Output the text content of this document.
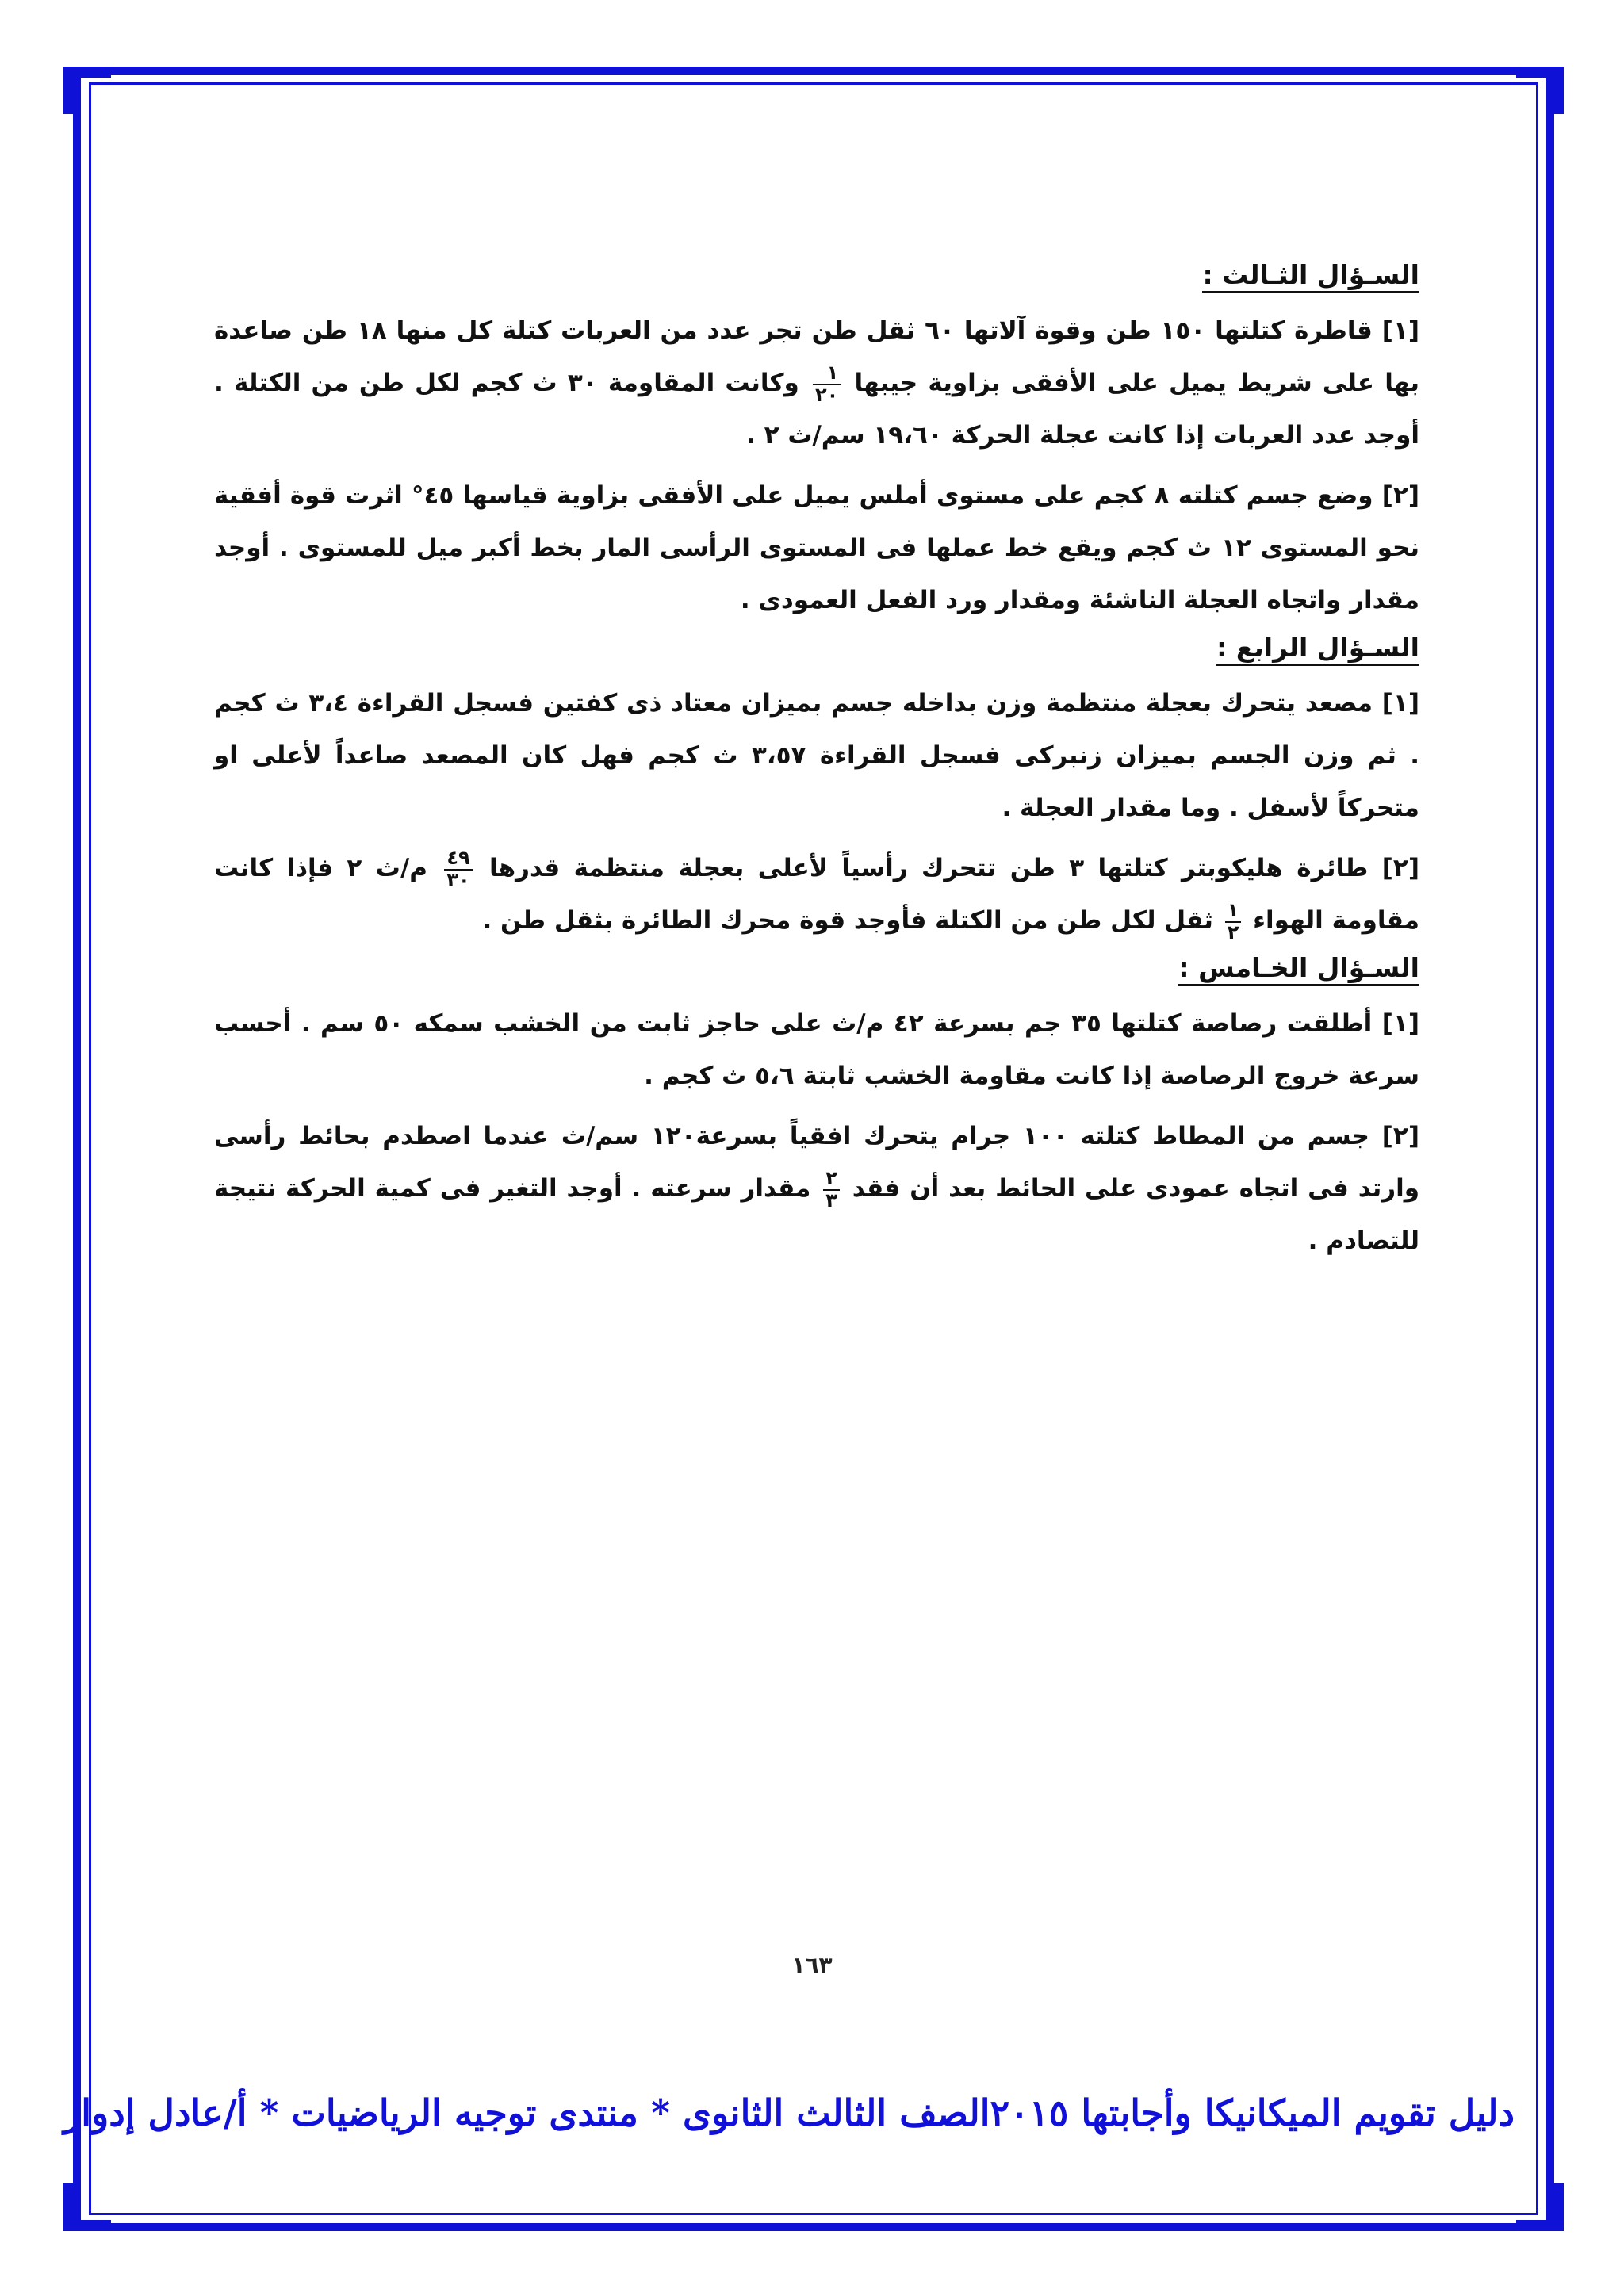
السـؤال الثـالث :

[١] قاطرة كتلتها ١٥٠ طن وقوة آلاتها ٦٠ ثقل طن تجر عدد من العربات كتلة كل منها ١٨ طن صاعدة بها على شريط يميل على الأفقى بزاوية جيبها
$\frac{١}{٢٠}$
وكانت المقاومة ٣٠ ث كجم لكل طن من الكتلة . أوجد عدد العربات إذا كانت عجلة الحركة ١٩،٦٠ سم/ث ٢ .

[٢] وضع جسم كتلته ٨ كجم على مستوى أملس يميل على الأفقى بزاوية قياسها ٤٥° اثرت قوة أفقية نحو المستوى ١٢ ث كجم ويقع خط عملها فى المستوى الرأسى المار بخط أكبر ميل للمستوى . أوجد مقدار واتجاه العجلة الناشئة ومقدار ورد الفعل العمودى .

السـؤال الرابع :

[١] مصعد يتحرك بعجلة منتظمة وزن بداخله جسم بميزان معتاد ذى كفتين فسجل القراءة ٣،٤ ث كجم . ثم وزن الجسم بميزان زنبركى فسجل القراءة ٣،٥٧ ث كجم فهل كان المصعد صاعداً لأعلى او متحركاً لأسفل . وما مقدار العجلة .

[٢] طائرة هليكوبتر كتلتها ٣ طن تتحرك رأسياً لأعلى بعجلة منتظمة قدرها
$\frac{٤٩}{٣٠}$
م/ث ٢ فإذا كانت مقاومة الهواء
$\frac{١}{٢}$
ثقل لكل طن من الكتلة فأوجد قوة محرك الطائرة بثقل طن .

السـؤال الخـامس :

[١] أطلقت رصاصة كتلتها ٣٥ جم بسرعة ٤٢ م/ث على حاجز ثابت من الخشب سمكه ٥٠ سم . أحسب سرعة خروج الرصاصة إذا كانت مقاومة الخشب ثابتة ٥،٦ ث كجم .

[٢] جسم من المطاط كتلته ١٠٠ جرام يتحرك افقياً بسرعة١٢٠ سم/ث عندما اصطدم بحائط رأسى وارتد فى اتجاه عمودى على الحائط بعد أن فقد
$\frac{٢}{٣}$
مقدار سرعته . أوجد التغير فى كمية الحركة نتيجة للتصادم .

١٦٣
دليل تقويم الميكانيكا وأجابتها ٢٠١٥الصف الثالث الثانوى * منتدى توجيه الرياضيات * أ/عادل إدوار
